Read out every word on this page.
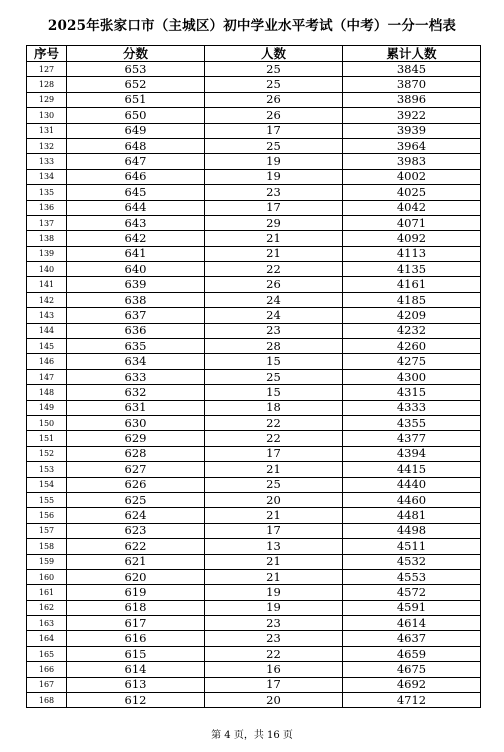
2025年张家口市（主城区）初中学业水平考试（中考）一分一档表
序号	分数	人数	累计人数
127	653	25	3845
128	652	25	3870
129	651	26	3896
130	650	26	3922
131	649	17	3939
132	648	25	3964
133	647	19	3983
134	646	19	4002
135	645	23	4025
136	644	17	4042
137	643	29	4071
138	642	21	4092
139	641	21	4113
140	640	22	4135
141	639	26	4161
142	638	24	4185
143	637	24	4209
144	636	23	4232
145	635	28	4260
146	634	15	4275
147	633	25	4300
148	632	15	4315
149	631	18	4333
150	630	22	4355
151	629	22	4377
152	628	17	4394
153	627	21	4415
154	626	25	4440
155	625	20	4460
156	624	21	4481
157	623	17	4498
158	622	13	4511
159	621	21	4532
160	620	21	4553
161	619	19	4572
162	618	19	4591
163	617	23	4614
164	616	23	4637
165	615	22	4659
166	614	16	4675
167	613	17	4692
168	612	20	4712
第 4 页，共 16 页
